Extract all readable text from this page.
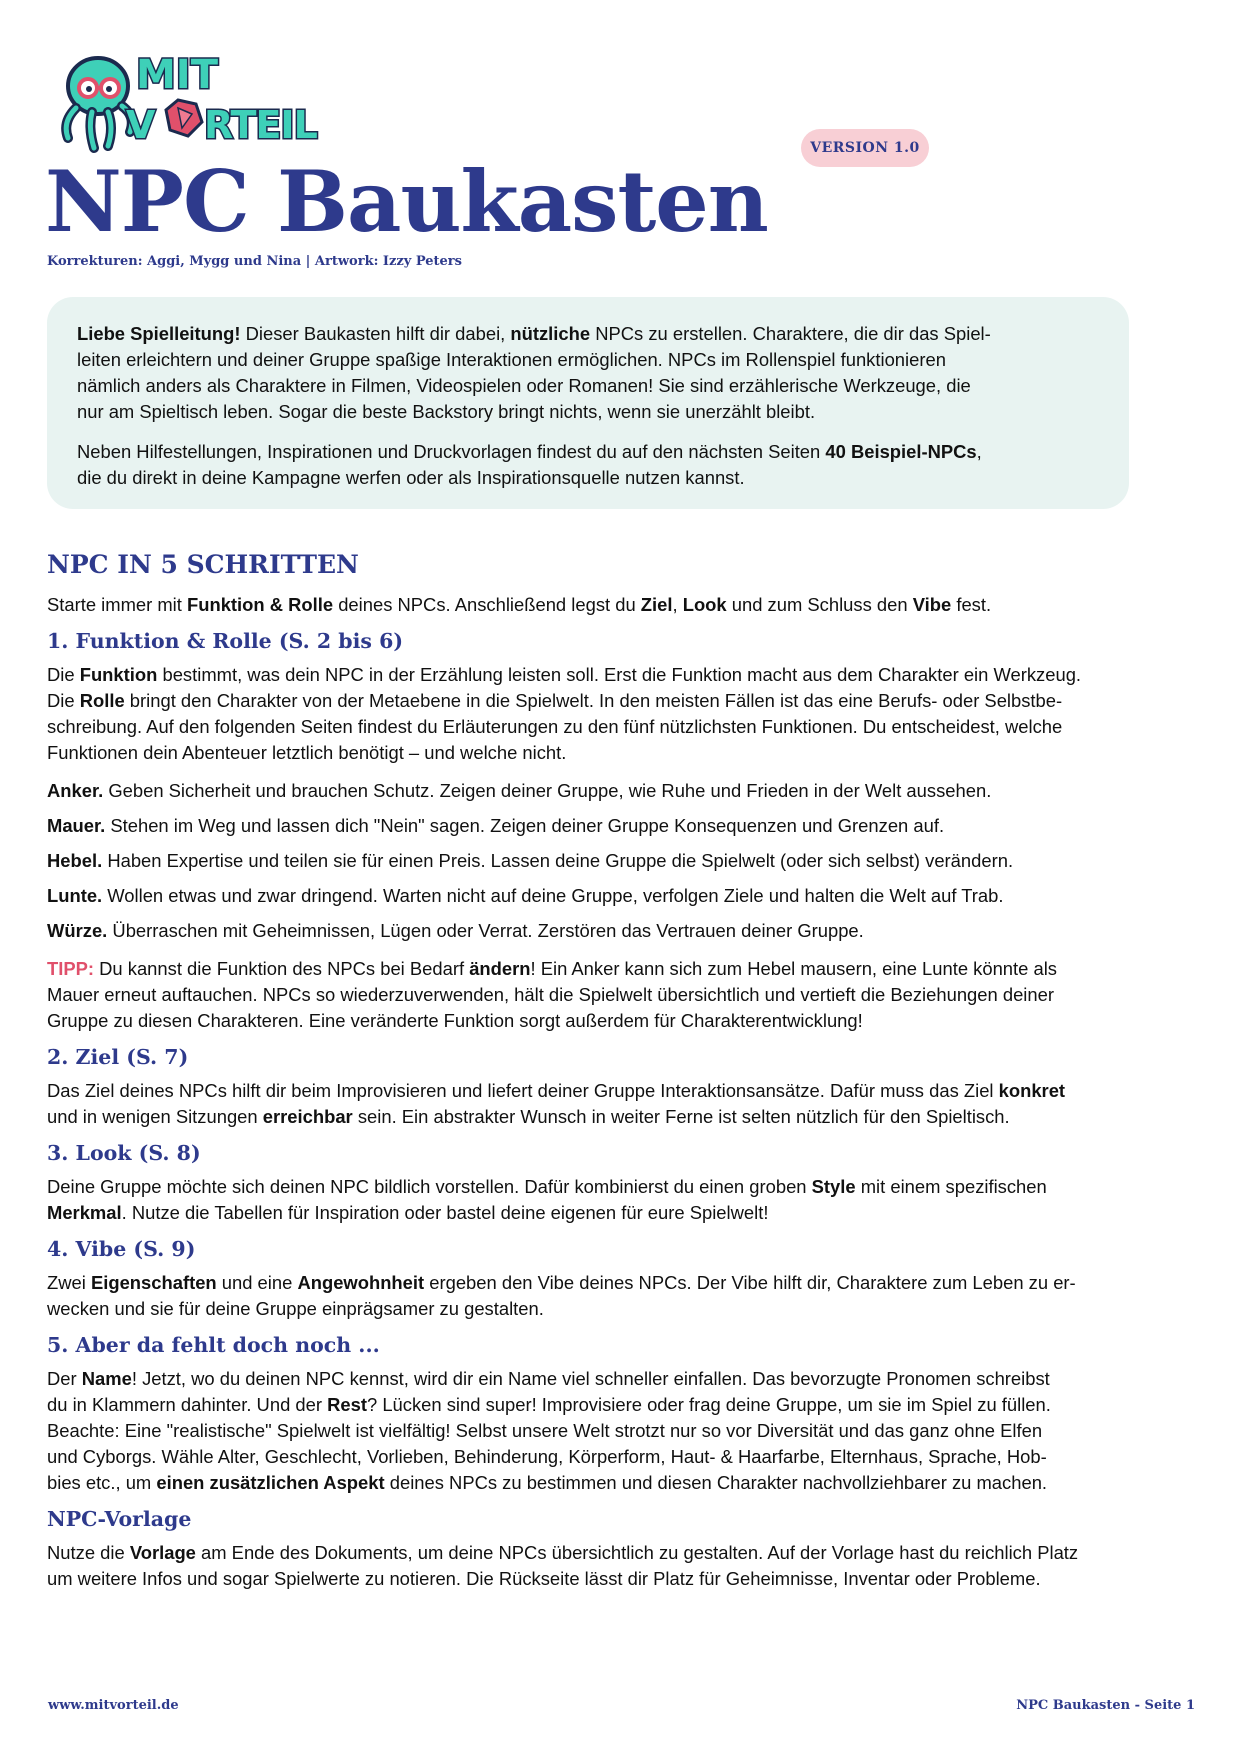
MIT
V RTEIL
VERSION 1.0
NPC Baukasten
Korrekturen: Aggi, Mygg und Nina | Artwork: Izzy Peters

Liebe Spielleitung! Dieser Baukasten hilft dir dabei, nützliche NPCs zu erstellen. Charaktere, die dir das Spiel-
leiten erleichtern und deiner Gruppe spaßige Interaktionen ermöglichen. NPCs im Rollenspiel funktionieren
nämlich anders als Charaktere in Filmen, Videospielen oder Romanen! Sie sind erzählerische Werkzeuge, die
nur am Spieltisch leben. Sogar die beste Backstory bringt nichts, wenn sie unerzählt bleibt.

Neben Hilfestellungen, Inspirationen und Druckvorlagen findest du auf den nächsten Seiten 40 Beispiel-NPCs,
die du direkt in deine Kampagne werfen oder als Inspirationsquelle nutzen kannst.

NPC IN 5 SCHRITTEN

Starte immer mit Funktion & Rolle deines NPCs. Anschließend legst du Ziel, Look und zum Schluss den Vibe fest.

1. Funktion & Rolle (S. 2 bis 6)

Die Funktion bestimmt, was dein NPC in der Erzählung leisten soll. Erst die Funktion macht aus dem Charakter ein Werkzeug.
Die Rolle bringt den Charakter von der Metaebene in die Spielwelt. In den meisten Fällen ist das eine Berufs- oder Selbstbe-
schreibung. Auf den folgenden Seiten findest du Erläuterungen zu den fünf nützlichsten Funktionen. Du entscheidest, welche
Funktionen dein Abenteuer letztlich benötigt – und welche nicht.

Anker. Geben Sicherheit und brauchen Schutz. Zeigen deiner Gruppe, wie Ruhe und Frieden in der Welt aussehen.

Mauer. Stehen im Weg und lassen dich "Nein" sagen. Zeigen deiner Gruppe Konsequenzen und Grenzen auf.

Hebel. Haben Expertise und teilen sie für einen Preis. Lassen deine Gruppe die Spielwelt (oder sich selbst) verändern.

Lunte. Wollen etwas und zwar dringend. Warten nicht auf deine Gruppe, verfolgen Ziele und halten die Welt auf Trab.

Würze. Überraschen mit Geheimnissen, Lügen oder Verrat. Zerstören das Vertrauen deiner Gruppe.

TIPP: Du kannst die Funktion des NPCs bei Bedarf ändern! Ein Anker kann sich zum Hebel mausern, eine Lunte könnte als
Mauer erneut auftauchen. NPCs so wiederzuverwenden, hält die Spielwelt übersichtlich und vertieft die Beziehungen deiner
Gruppe zu diesen Charakteren. Eine veränderte Funktion sorgt außerdem für Charakterentwicklung!

2. Ziel (S. 7)

Das Ziel deines NPCs hilft dir beim Improvisieren und liefert deiner Gruppe Interaktionsansätze. Dafür muss das Ziel konkret
und in wenigen Sitzungen erreichbar sein. Ein abstrakter Wunsch in weiter Ferne ist selten nützlich für den Spieltisch.

3. Look (S. 8)

Deine Gruppe möchte sich deinen NPC bildlich vorstellen. Dafür kombinierst du einen groben Style mit einem spezifischen
Merkmal. Nutze die Tabellen für Inspiration oder bastel deine eigenen für eure Spielwelt!

4. Vibe (S. 9)

Zwei Eigenschaften und eine Angewohnheit ergeben den Vibe deines NPCs. Der Vibe hilft dir, Charaktere zum Leben zu er-
wecken und sie für deine Gruppe einprägsamer zu gestalten.

5. Aber da fehlt doch noch ...

Der Name! Jetzt, wo du deinen NPC kennst, wird dir ein Name viel schneller einfallen. Das bevorzugte Pronomen schreibst
du in Klammern dahinter. Und der Rest? Lücken sind super! Improvisiere oder frag deine Gruppe, um sie im Spiel zu füllen.
Beachte: Eine "realistische" Spielwelt ist vielfältig! Selbst unsere Welt strotzt nur so vor Diversität und das ganz ohne Elfen
und Cyborgs. Wähle Alter, Geschlecht, Vorlieben, Behinderung, Körperform, Haut- & Haarfarbe, Elternhaus, Sprache, Hob-
bies etc., um einen zusätzlichen Aspekt deines NPCs zu bestimmen und diesen Charakter nachvollziehbarer zu machen.

NPC-Vorlage

Nutze die Vorlage am Ende des Dokuments, um deine NPCs übersichtlich zu gestalten. Auf der Vorlage hast du reichlich Platz
um weitere Infos und sogar Spielwerte zu notieren. Die Rückseite lässt dir Platz für Geheimnisse, Inventar oder Probleme.

www.mitvorteil.de	NPC Baukasten - Seite 1
